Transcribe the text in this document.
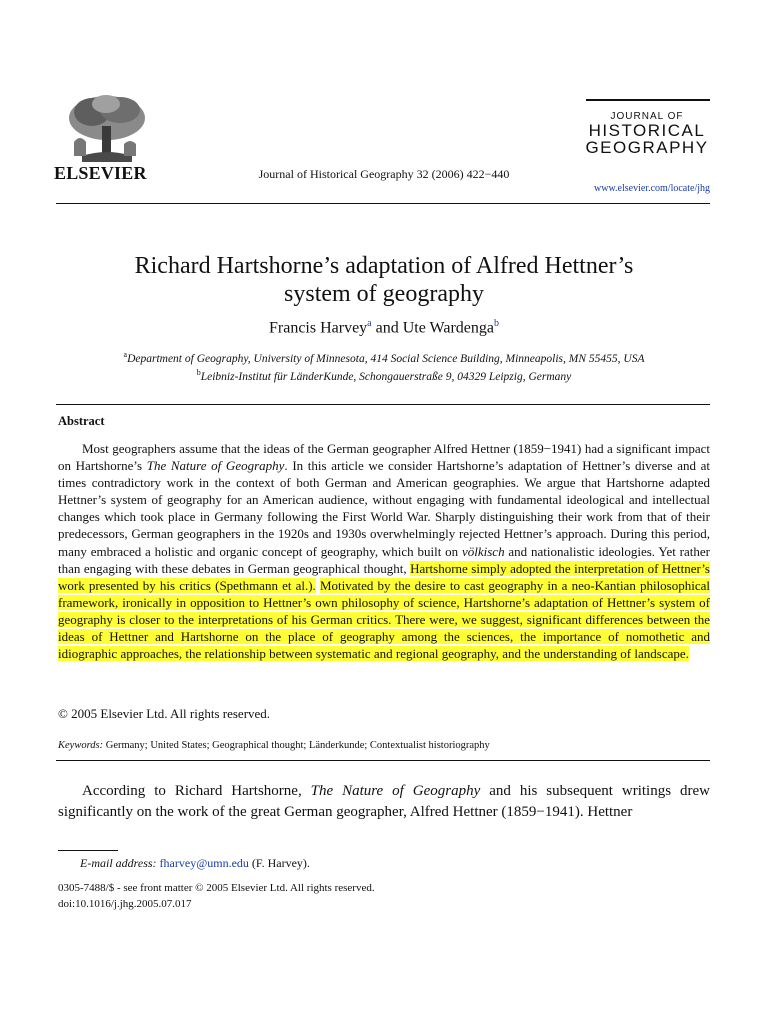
ELSEVIER	Journal of Historical Geography 32 (2006) 422−440
JOURNAL OF
HISTORICAL
GEOGRAPHY
www.elsevier.com/locate/jhg
Richard Hartshorne’s adaptation of Alfred Hettner’s
system of geography
Francis Harvey$^a$ and Ute Wardenga$^b$
$^a$Department of Geography, University of Minnesota, 414 Social Science Building, Minneapolis, MN 55455, USA
$^b$Leibniz-Institut für LänderKunde, Schongauerstraße 9, 04329 Leipzig, Germany
Abstract

Most geographers assume that the ideas of the German geographer Alfred Hettner (1859−1941) had a significant impact on Hartshorne’s The Nature of Geography. In this article we consider Hartshorne’s adaptation of Hettner’s diverse and at times contradictory work in the context of both German and American geographies. We argue that Hartshorne adapted Hettner’s system of geography for an American audience, without engaging with fundamental ideological and intellectual changes which took place in Germany following the First World War. Sharply distinguishing their work from that of their predecessors, German geographers in the 1920s and 1930s overwhelmingly rejected Hettner’s approach. During this period, many embraced a holistic and organic concept of geography, which built on völkisch and nationalistic ideologies. Yet rather than engaging with these debates in German geographical thought, Hartshorne simply adopted the interpretation of Hettner’s work presented by his critics (Spethmann et al.). Motivated by the desire to cast geography in a neo-Kantian philosophical framework, ironically in opposition to Hettner’s own philosophy of science, Hartshorne’s adaptation of Hettner’s system of geography is closer to the interpretations of his German critics. There were, we suggest, significant differences between the ideas of Hettner and Hartshorne on the place of geography among the sciences, the importance of nomothetic and idiographic approaches, the relationship between systematic and regional geography, and the understanding of landscape.

© 2005 Elsevier Ltd. All rights reserved.
Keywords: Germany; United States; Geographical thought; Länderkunde; Contextualist historiography

According to Richard Hartshorne, The Nature of Geography and his subsequent writings drew significantly on the work of the great German geographer, Alfred Hettner (1859−1941). Hettner

E-mail address: fharvey@umn.edu (F. Harvey).
0305-7488/$ - see front matter © 2005 Elsevier Ltd. All rights reserved.
doi:10.1016/j.jhg.2005.07.017
